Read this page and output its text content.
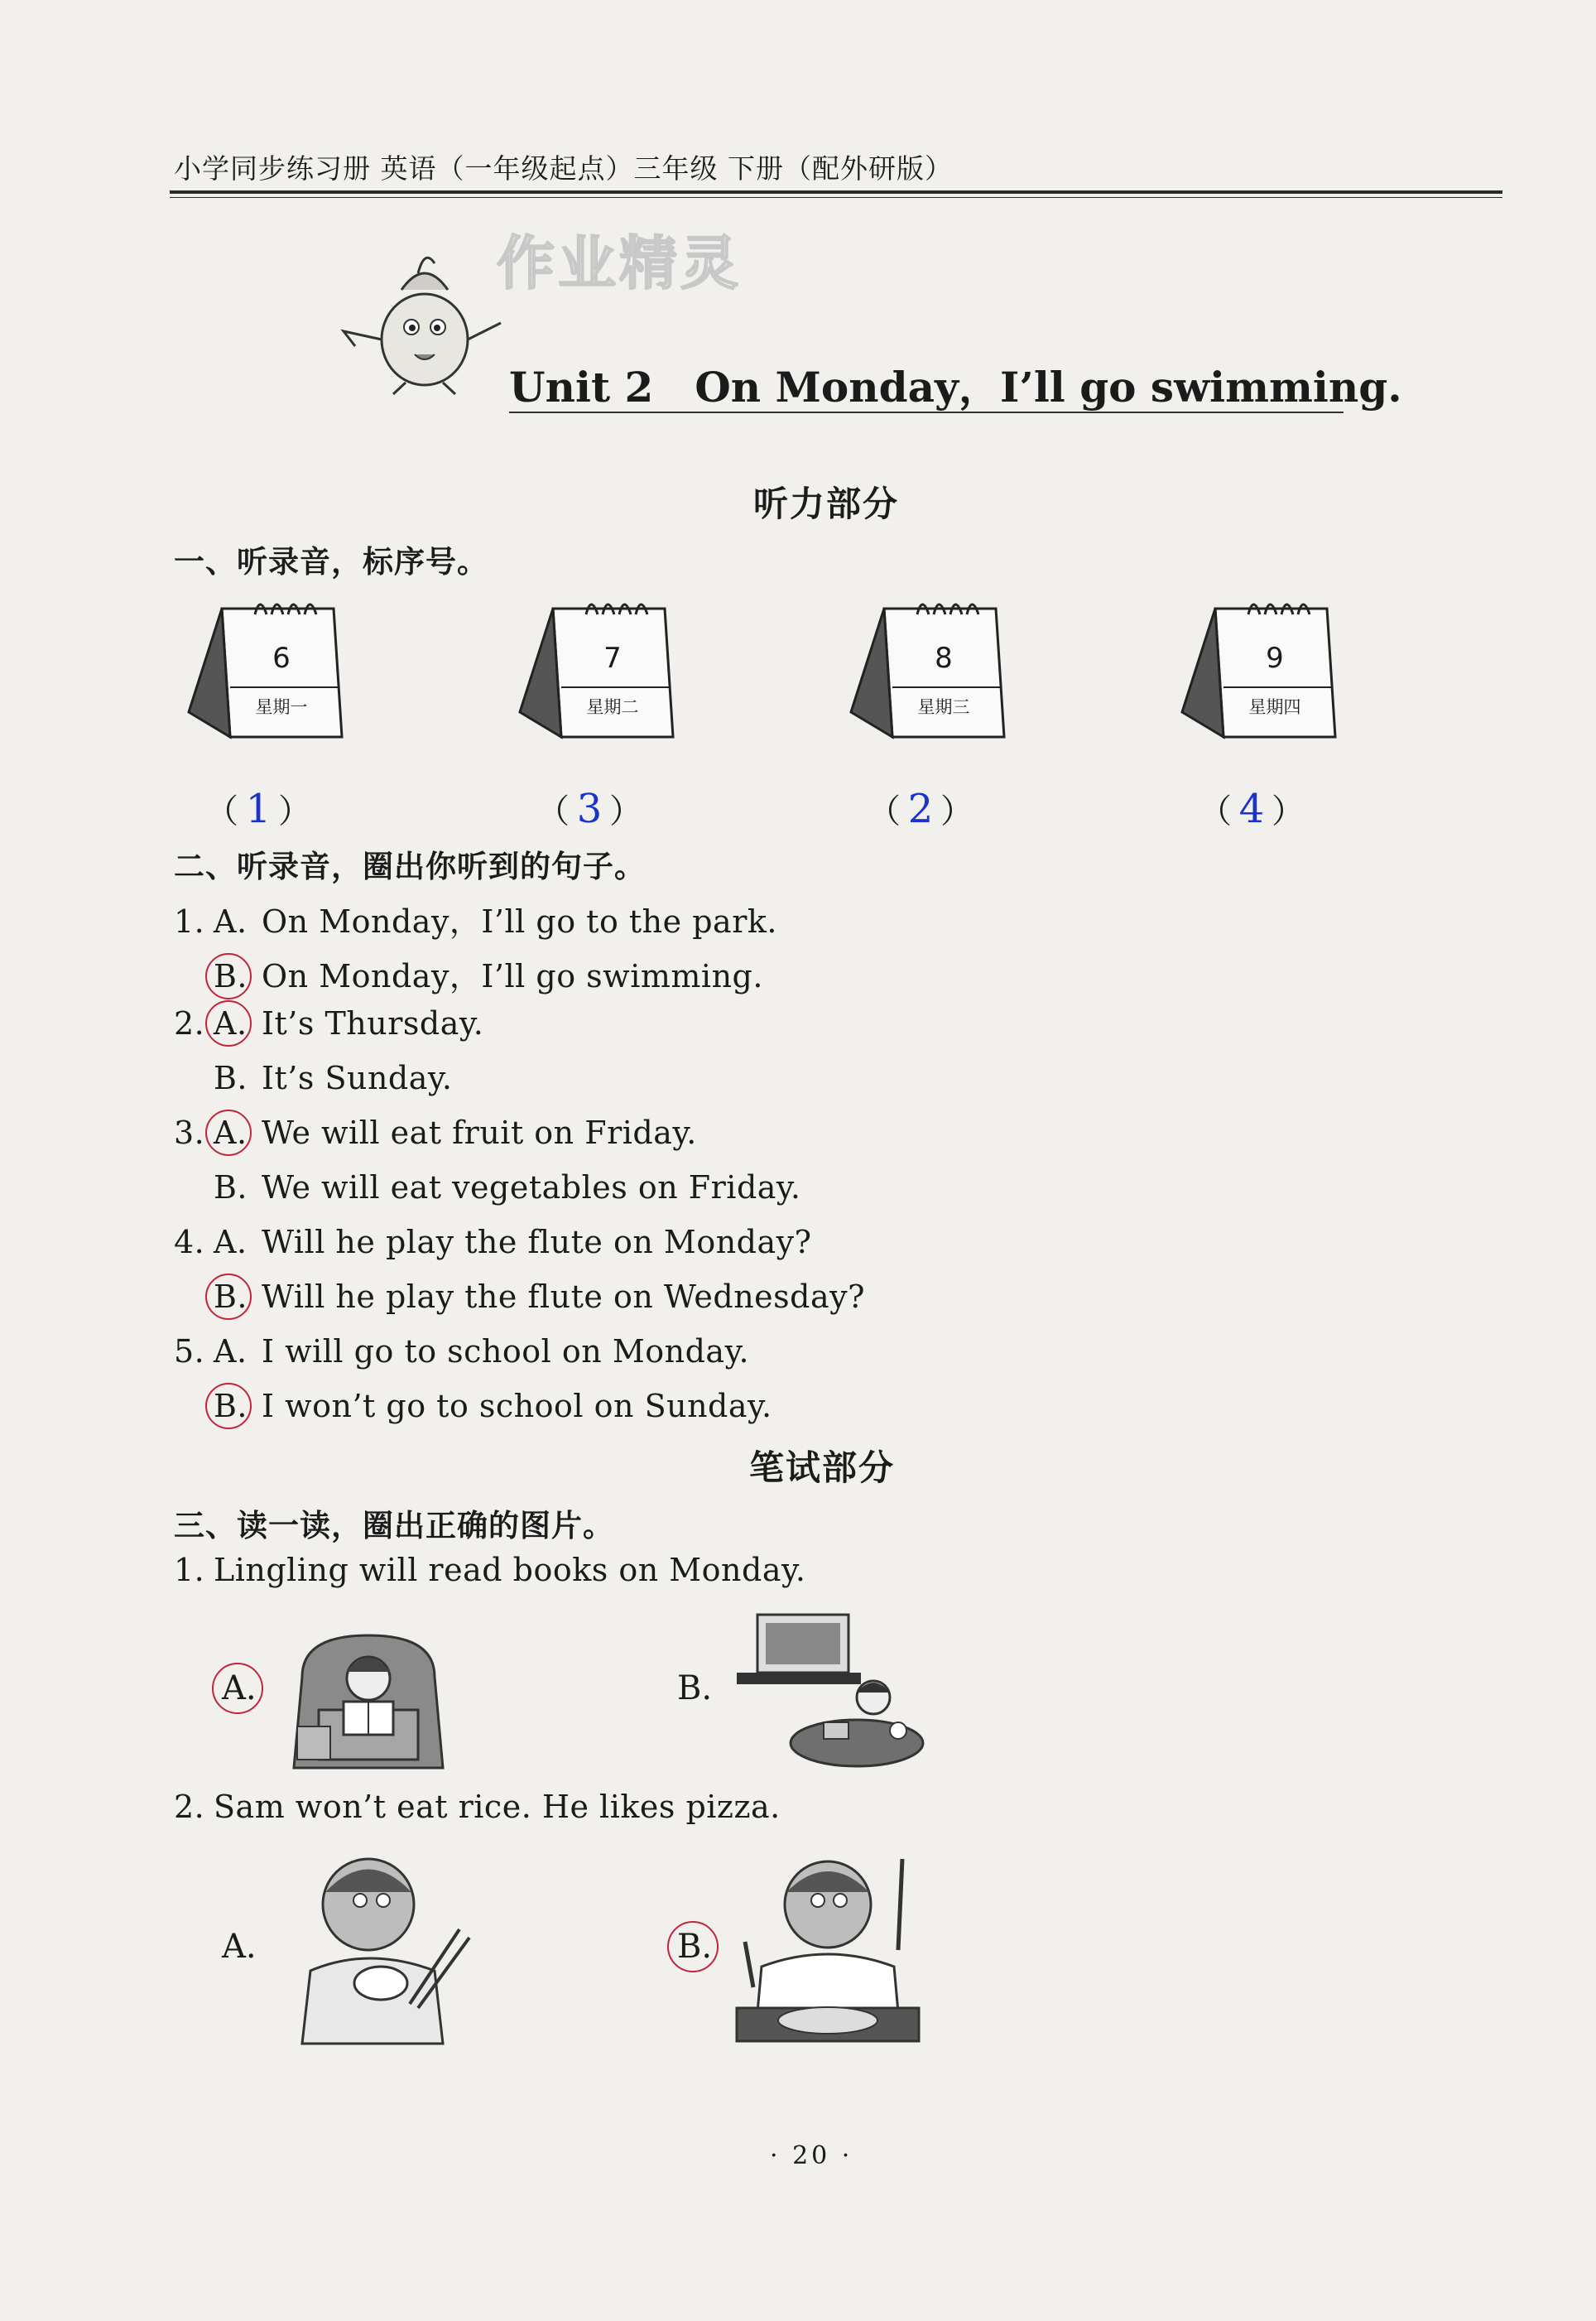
小学同步练习册 英语（一年级起点）三年级 下册（配外研版）
作业精灵
Unit 2　On Monday，I’ll go swimming.
听力部分
一、听录音，标序号。
6
星期一
7
星期二
8
星期三
9
星期四
（ 1 ）	（ 3 ）	（ 2 ）	（ 4 ）
二、听录音，圈出你听到的句子。
1. A. On Monday，I’ll go to the park.
B. On Monday，I’ll go swimming.
2. A. It’s Thursday.
B. It’s Sunday.
3. A. We will eat fruit on Friday.
B. We will eat vegetables on Friday.
4. A. Will he play the flute on Monday?
B. Will he play the flute on Wednesday?
5. A. I will go to school on Monday.
B. I won’t go to school on Sunday.
笔试部分
三、读一读，圈出正确的图片。
1. Lingling will read books on Monday.
A.	B.
2. Sam won’t eat rice. He likes pizza.
A.	B.
· 20 ·
